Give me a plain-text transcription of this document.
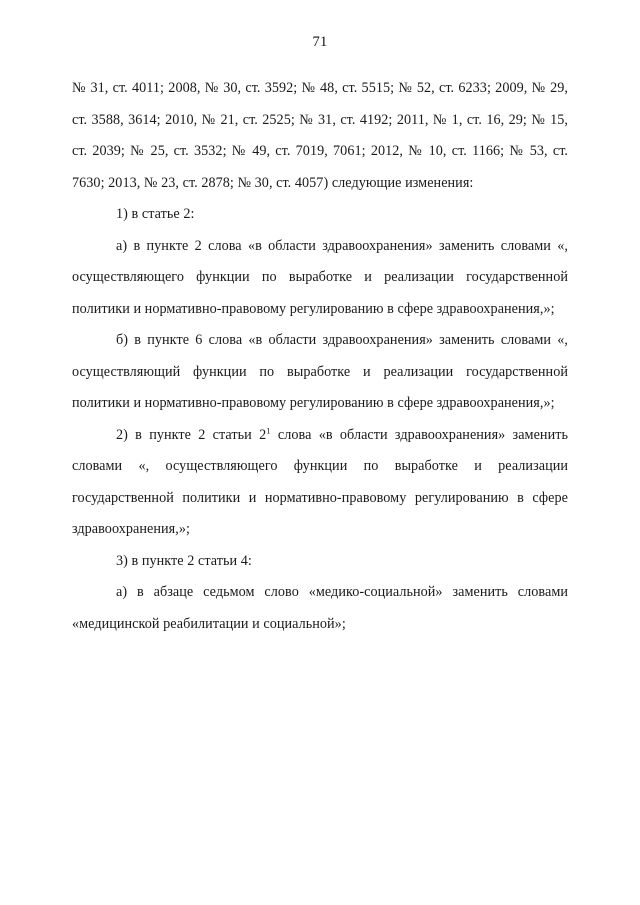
71

№ 31, ст. 4011; 2008, № 30, ст. 3592; № 48, ст. 5515; № 52, ст. 6233; 2009, № 29, ст. 3588, 3614; 2010, № 21, ст. 2525; № 31, ст. 4192; 2011, № 1, ст. 16, 29; № 15, ст. 2039; № 25, ст. 3532; № 49, ст. 7019, 7061; 2012, № 10, ст. 1166; № 53, ст. 7630; 2013, № 23, ст. 2878; № 30, ст. 4057) следующие изменения:

1) в статье 2:

а) в пункте 2 слова «в области здравоохранения» заменить словами «, осуществляющего функции по выработке и реализации государственной политики и нормативно-правовому регулированию в сфере здравоохранения,»;

б) в пункте 6 слова «в области здравоохранения» заменить словами «, осуществляющий функции по выработке и реализации государственной политики и нормативно-правовому регулированию в сфере здравоохранения,»;

2) в пункте 2 статьи $2^1$ слова «в области здравоохранения» заменить словами «, осуществляющего функции по выработке и реализации государственной политики и нормативно-правовому регулированию в сфере здравоохранения,»;

3) в пункте 2 статьи 4:

а) в абзаце седьмом слово «медико-социальной» заменить словами «медицинской реабилитации и социальной»;
